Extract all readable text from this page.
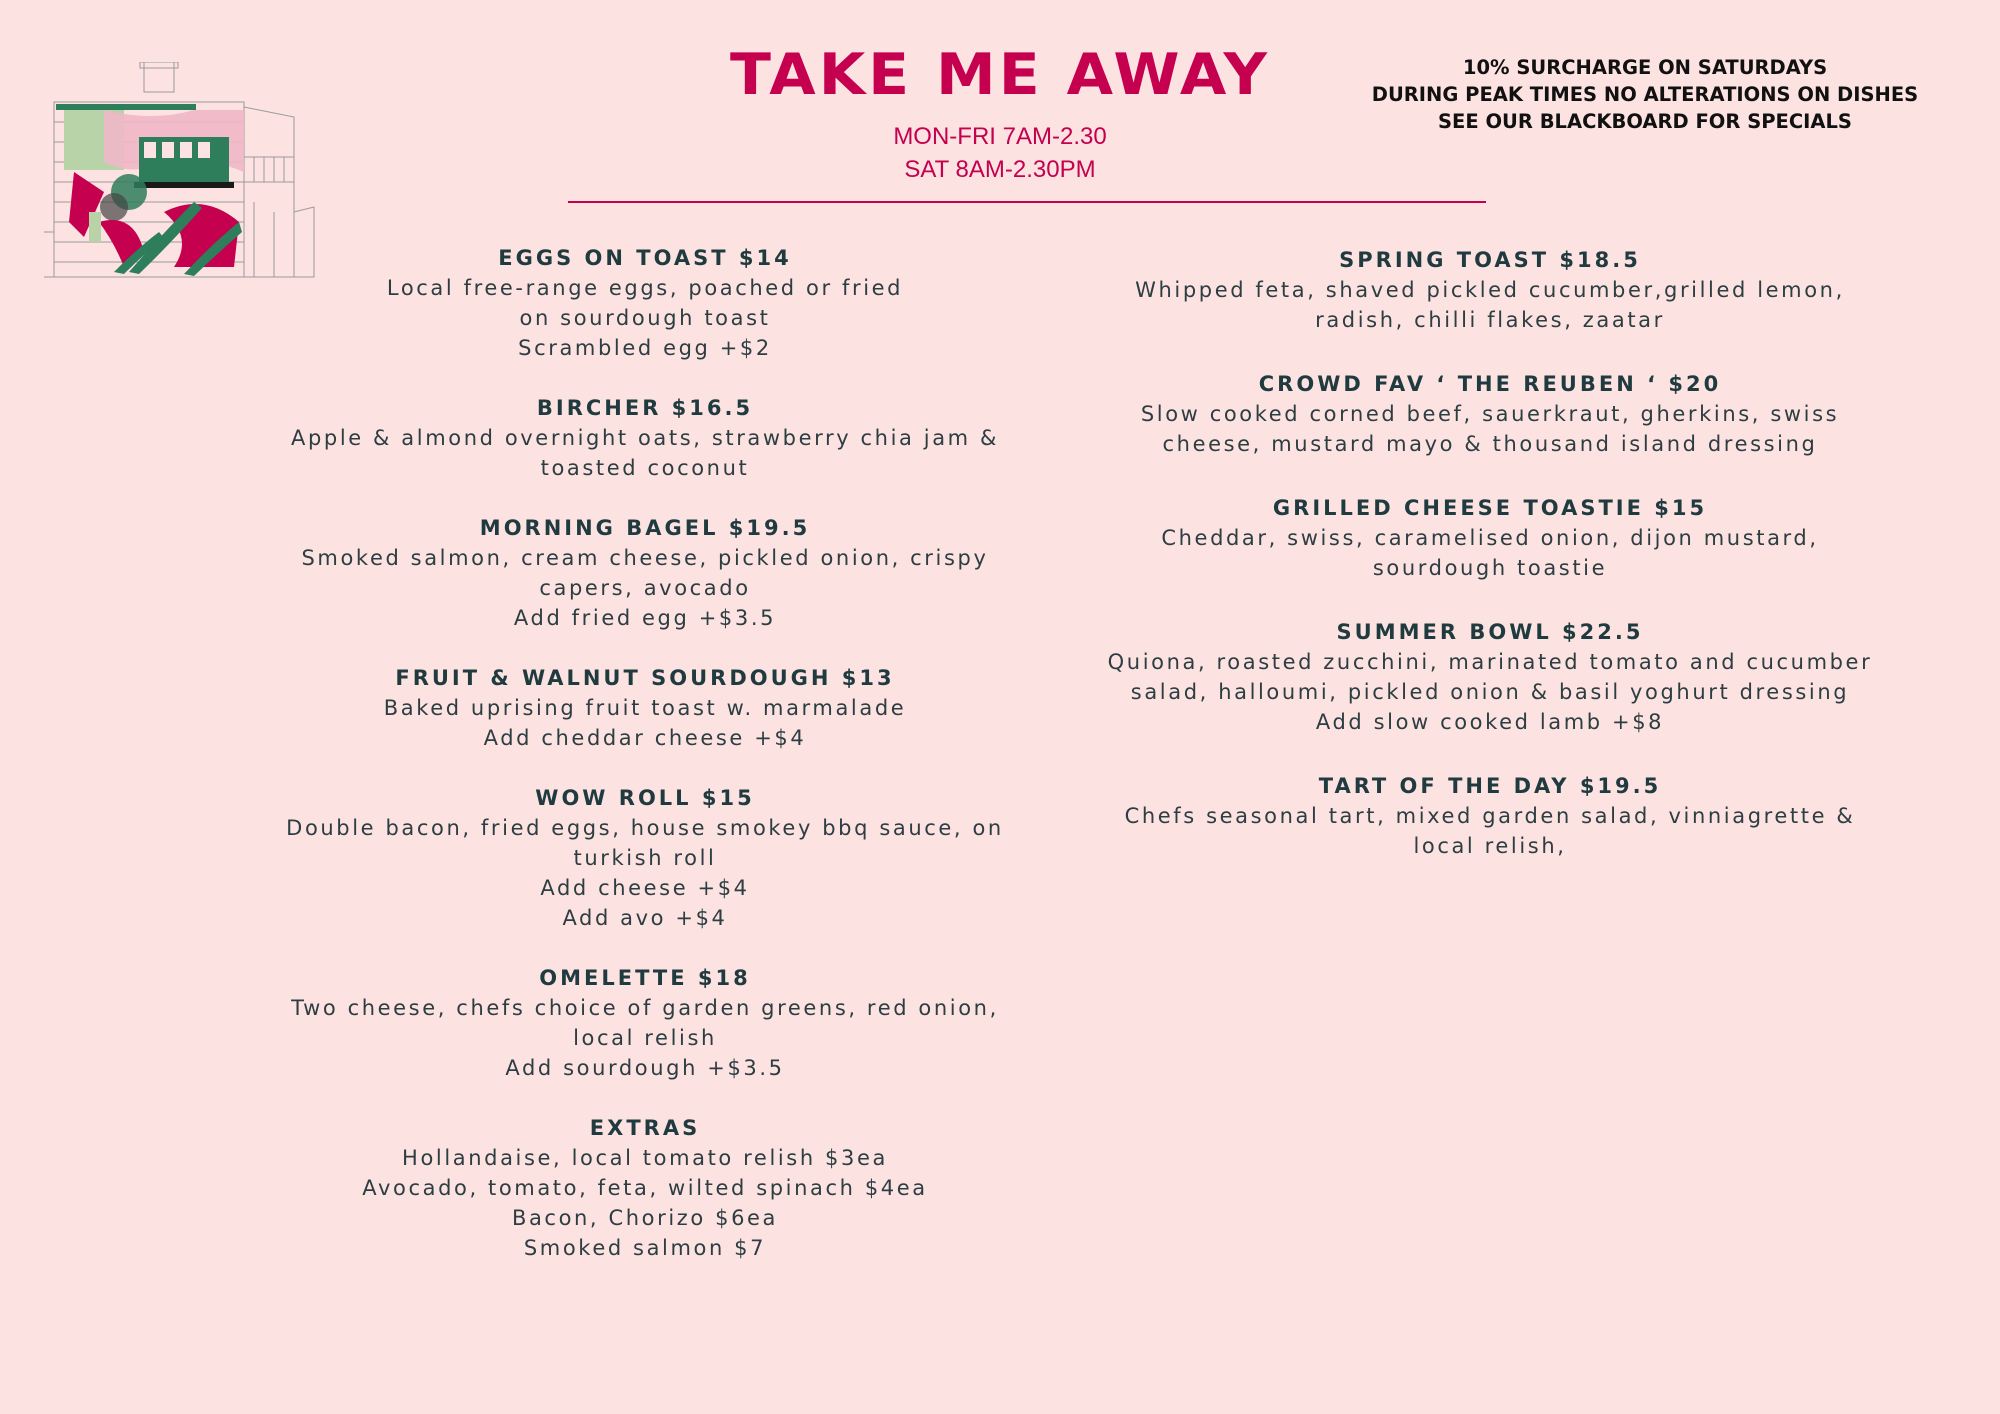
TAKE ME AWAY
MON-FRI 7AM-2.30
SAT 8AM-2.30PM
10% SURCHARGE ON SATURDAYS
DURING PEAK TIMES NO ALTERATIONS ON DISHES
SEE OUR BLACKBOARD FOR SPECIALS
EGGS ON TOAST $14
Local free-range eggs, poached or fried
on sourdough toast
Scrambled egg +$2
BIRCHER $16.5
Apple & almond overnight oats, strawberry chia jam &
toasted coconut
MORNING BAGEL $19.5
Smoked salmon, cream cheese, pickled onion, crispy
capers, avocado
Add fried egg +$3.5
FRUIT & WALNUT SOURDOUGH $13
Baked uprising fruit toast w. marmalade
Add cheddar cheese +$4
WOW ROLL $15
Double bacon, fried eggs, house smokey bbq sauce, on
turkish roll
Add cheese +$4
Add avo +$4
OMELETTE $18
Two cheese, chefs choice of garden greens, red onion,
local relish
Add sourdough +$3.5
EXTRAS
Hollandaise, local tomato relish $3ea
Avocado, tomato, feta, wilted spinach $4ea
Bacon, Chorizo $6ea
Smoked salmon $7
SPRING TOAST $18.5
Whipped feta, shaved pickled cucumber,grilled lemon,
radish, chilli flakes, zaatar
CROWD FAV ‘ THE REUBEN ‘ $20
Slow cooked corned beef, sauerkraut, gherkins, swiss
cheese, mustard mayo & thousand island dressing
GRILLED CHEESE TOASTIE $15
Cheddar, swiss, caramelised onion, dijon mustard,
sourdough toastie
SUMMER BOWL $22.5
Quiona, roasted zucchini, marinated tomato and cucumber
salad, halloumi, pickled onion & basil yoghurt dressing
Add slow cooked lamb +$8
TART OF THE DAY $19.5
Chefs seasonal tart, mixed garden salad, vinniagrette &
local relish,
